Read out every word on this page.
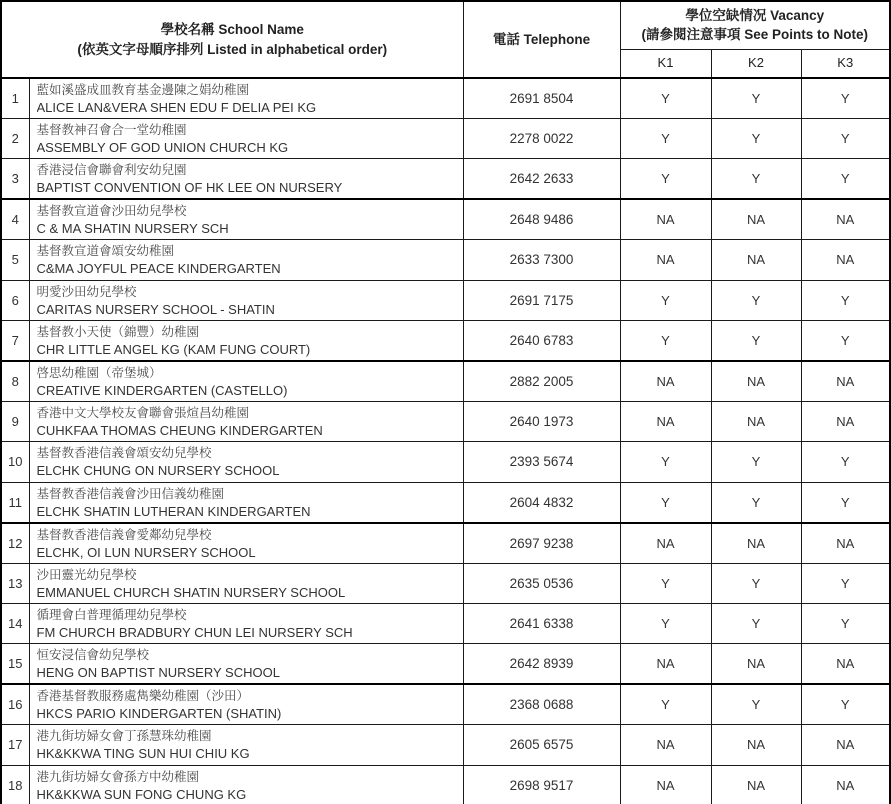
學校名稱 School Name
(依英文字母順序排列 Listed in alphabetical order)

電話 Telephone

學位空缺情况 Vacancy
(請參閱注意事項 See Points to Note)

			K1	K2	K3
1	藍如溪盛成皿教育基金邊陳之娟幼稚園
ALICE LAN&VERA SHEN EDU F DELIA PEI KG	2691 8504	Y	Y	Y
2	基督教神召會合一堂幼稚園
ASSEMBLY OF GOD UNION CHURCH KG	2278 0022	Y	Y	Y
3	香港浸信會聯會利安幼兒園
BAPTIST CONVENTION OF HK LEE ON NURSERY	2642 2633	Y	Y	Y
4	基督教宣道會沙田幼兒學校
C & MA SHATIN NURSERY SCH	2648 9486	NA	NA	NA
5	基督教宣道會頌安幼稚園
C&MA JOYFUL PEACE KINDERGARTEN	2633 7300	NA	NA	NA
6	明愛沙田幼兒學校
CARITAS NURSERY SCHOOL - SHATIN	2691 7175	Y	Y	Y
7	基督教小天使（錦豐）幼稚園
CHR LITTLE ANGEL KG (KAM FUNG COURT)	2640 6783	Y	Y	Y
8	啓思幼稚園（帝堡城）
CREATIVE KINDERGARTEN (CASTELLO)	2882 2005	NA	NA	NA
9	香港中文大學校友會聯會張煊昌幼稚園
CUHKFAA THOMAS CHEUNG KINDERGARTEN	2640 1973	NA	NA	NA
10	基督教香港信義會頌安幼兒學校
ELCHK CHUNG ON NURSERY SCHOOL	2393 5674	Y	Y	Y
11	基督教香港信義會沙田信義幼稚園
ELCHK SHATIN LUTHERAN KINDERGARTEN	2604 4832	Y	Y	Y
12	基督教香港信義會愛鄰幼兒學校
ELCHK, OI LUN NURSERY SCHOOL	2697 9238	NA	NA	NA
13	沙田靈光幼兒學校
EMMANUEL CHURCH SHATIN NURSERY SCHOOL	2635 0536	Y	Y	Y
14	循理會白普理循理幼兒學校
FM CHURCH BRADBURY CHUN LEI NURSERY SCH	2641 6338	Y	Y	Y
15	恒安浸信會幼兒學校
HENG ON BAPTIST NURSERY SCHOOL	2642 8939	NA	NA	NA
16	香港基督教服務處雋樂幼稚園（沙田）
HKCS PARIO KINDERGARTEN (SHATIN)	2368 0688	Y	Y	Y
17	港九街坊婦女會丁孫慧珠幼稚園
HK&KKWA TING SUN HUI CHIU KG	2605 6575	NA	NA	NA
18	港九街坊婦女會孫方中幼稚園
HK&KKWA SUN FONG CHUNG KG	2698 9517	NA	NA	NA
